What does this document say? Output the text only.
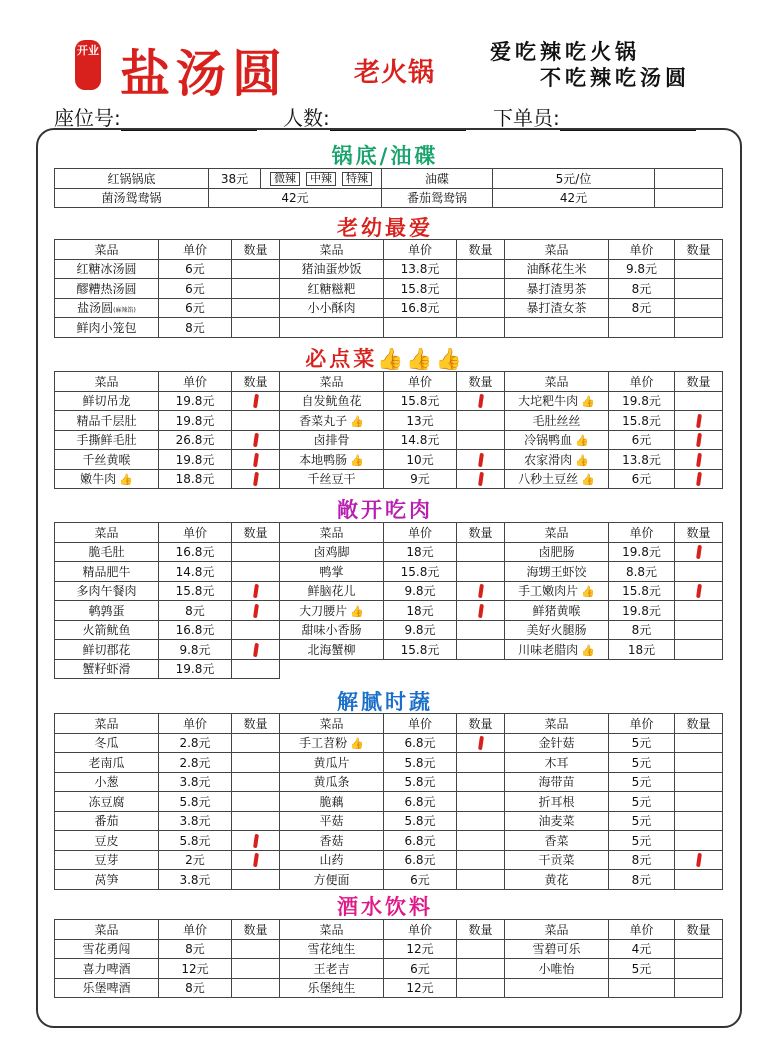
开业 盐汤圆	老火锅
爱吃辣吃火锅
不吃辣吃汤圆
座位号:	人数:	下单员:
锅底/油碟
红锅锅底	38元	微辣 中辣 特辣	油碟	5元/位	
菌汤鸳鸯锅	42元		番茄鸳鸯锅	42元	
老幼最爱
菜品	单价	数量	菜品	单价	数量	菜品	单价	数量
红糖冰汤圆	6元		猪油蛋炒饭	13.8元		油酥花生米	9.8元	
醪糟热汤圆	6元		红糖糍粑	15.8元		暴打渣男茶	8元	
盐汤圆(麻辣馅)	6元		小小酥肉	16.8元		暴打渣女茶	8元	
鲜肉小笼包	8元							
必点菜👍👍👍
菜品	单价	数量	菜品	单价	数量	菜品	单价	数量
鲜切吊龙	19.8元		自发鱿鱼花	15.8元		大坨粑牛肉 👍	19.8元	
精品千层肚	19.8元		香菜丸子 👍	13元		毛肚丝丝	15.8元	
手撕鲜毛肚	26.8元		卤排骨	14.8元		冷锅鸭血 👍	6元	
千丝黄喉	19.8元		本地鸭肠 👍	10元		农家滑肉 👍	13.8元	
嫩牛肉 👍	18.8元		千丝豆干	9元		八秒土豆丝 👍	6元	
敞开吃肉
菜品	单价	数量	菜品	单价	数量	菜品	单价	数量
脆毛肚	16.8元		卤鸡脚	18元		卤肥肠	19.8元	
精品肥牛	14.8元		鸭掌	15.8元		海甥王虾饺	8.8元	
多肉午餐肉	15.8元		鲜脑花儿	9.8元		手工嫩肉片 👍	15.8元	
鹌鹑蛋	8元		大刀腰片 👍	18元		鲜猪黄喉	19.8元	
火箭鱿鱼	16.8元		甜味小香肠	9.8元		美好火腿肠	8元	
鲜切郡花	9.8元		北海蟹柳	15.8元		川味老腊肉 👍	18元	
蟹籽虾滑	19.8元							
解腻时蔬
菜品	单价	数量	菜品	单价	数量	菜品	单价	数量
冬瓜	2.8元		手工苕粉 👍	6.8元		金针菇	5元	
老南瓜	2.8元		黄瓜片	5.8元		木耳	5元	
小葱	3.8元		黄瓜条	5.8元		海带苗	5元	
冻豆腐	5.8元		脆藕	6.8元		折耳根	5元	
番茄	3.8元		平菇	5.8元		油麦菜	5元	
豆皮	5.8元		香菇	6.8元		香菜	5元	
豆芽	2元		山药	6.8元		干贡菜	8元	
莴笋	3.8元		方便面	6元		黄花	8元	
酒水饮料
菜品	单价	数量	菜品	单价	数量	菜品	单价	数量
雪花勇闯	8元		雪花纯生	12元		雪碧可乐	4元	
喜力啤酒	12元		王老吉	6元		小唯怡	5元	
乐堡啤酒	8元		乐堡纯生	12元				
